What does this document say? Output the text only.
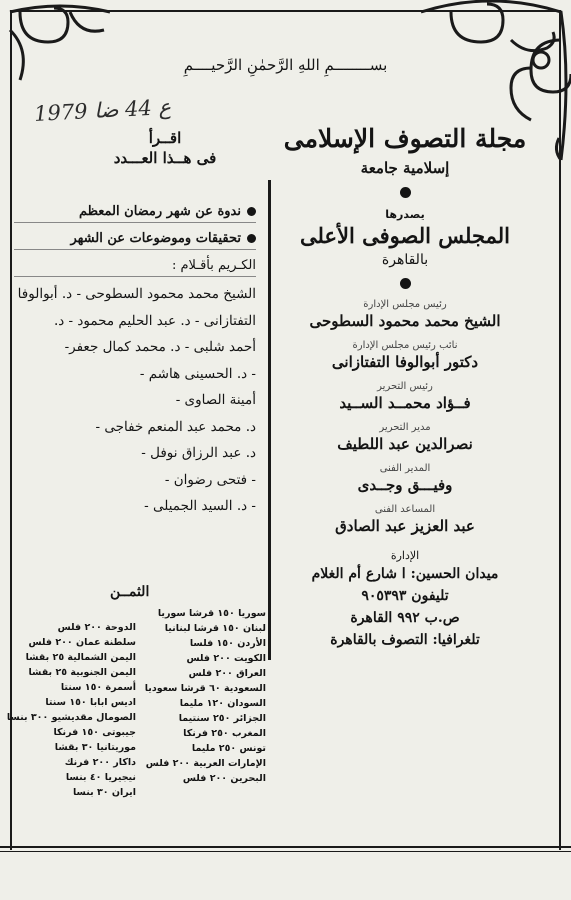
بســــــــمِ اللهِ الرَّحمٰنِ الرَّحيــــمِ
1979 ع 44 ضا
مجلة التصوف الإسلامى
إسلامية جامعة
يصدرها
المجلس الصوفى الأعلى
بالقاهرة
رئيس مجلس الإدارة
الشيخ محمد محمود السطوحى
نائب رئيس مجلس الإدارة
دكتور أبوالوفا التفتازانى
رئيس التحرير
فــؤاد محمــد الســيد
مدير التحرير
نصرالدين عبد اللطيف
المدير الفنى
وفيـــق وجــدى
المساعد الفنى
عبد العزيز عبد الصادق
الإدارة
ميدان الحسين: ا شارع أم الغلام
تليفون ٩٠٥٣٩٣
ص.ب ٩٩٢ القاهرة
تلغرافيا: التصوف بالقاهرة
اقــرأ
فى هــذا العـــدد
ندوة عن شهر رمضان المعظم
تحقيقات وموضوعات عن الشهر
الكـريم بأقـلام :
الشيخ محمد محمود السطوحى - د. أبوالوفا
التفتازانى - د. عبد الحليم محمود - د.
أحمد شلبى - د. محمد كمال جعفر-
- د. الحسينى هاشم -
أمينة الصاوى -
د. محمد عبد المنعم خفاجى -
د. عبد الرزاق نوفل -
- فتحى رضوان -
- د. السيد الجميلى -
الثمــن
سوريا ١٥٠ قرشا سوريا
لبنان ١٥٠ قرشا لبنانيا
الأردن ١٥٠ فلسا
الكويت ٢٠٠ فلس
العراق ٢٠٠ فلس
السعودية ٦٠ قرشا سعوديا
السودان ١٢٠ مليما
الجزائر ٢٥٠ سنتيما
المغرب ٢٥٠ فرنكا
تونس ٢٥٠ مليما
الإمارات العربية ٢٠٠ فلس
البحرين ٢٠٠ فلس
الدوحة ٢٠٠ فلس
سلطنة عمان ٢٠٠ فلس
اليمن الشمالية ٢٥ بقشا
اليمن الجنوبية ٢٥ بقشا
أسمرة ١٥٠ سنتا
اديس ابابا ١٥٠ سنتا
الصومال مقديشيو ٣٠٠ بنسا
جيبوتى ١٥٠ فرنكا
موريتانيا ٣٠ بقشا
داكار ٢٠٠ فرنك
نيجيريا ٤٠ بنسا
ايران ٣٠ بنسا
